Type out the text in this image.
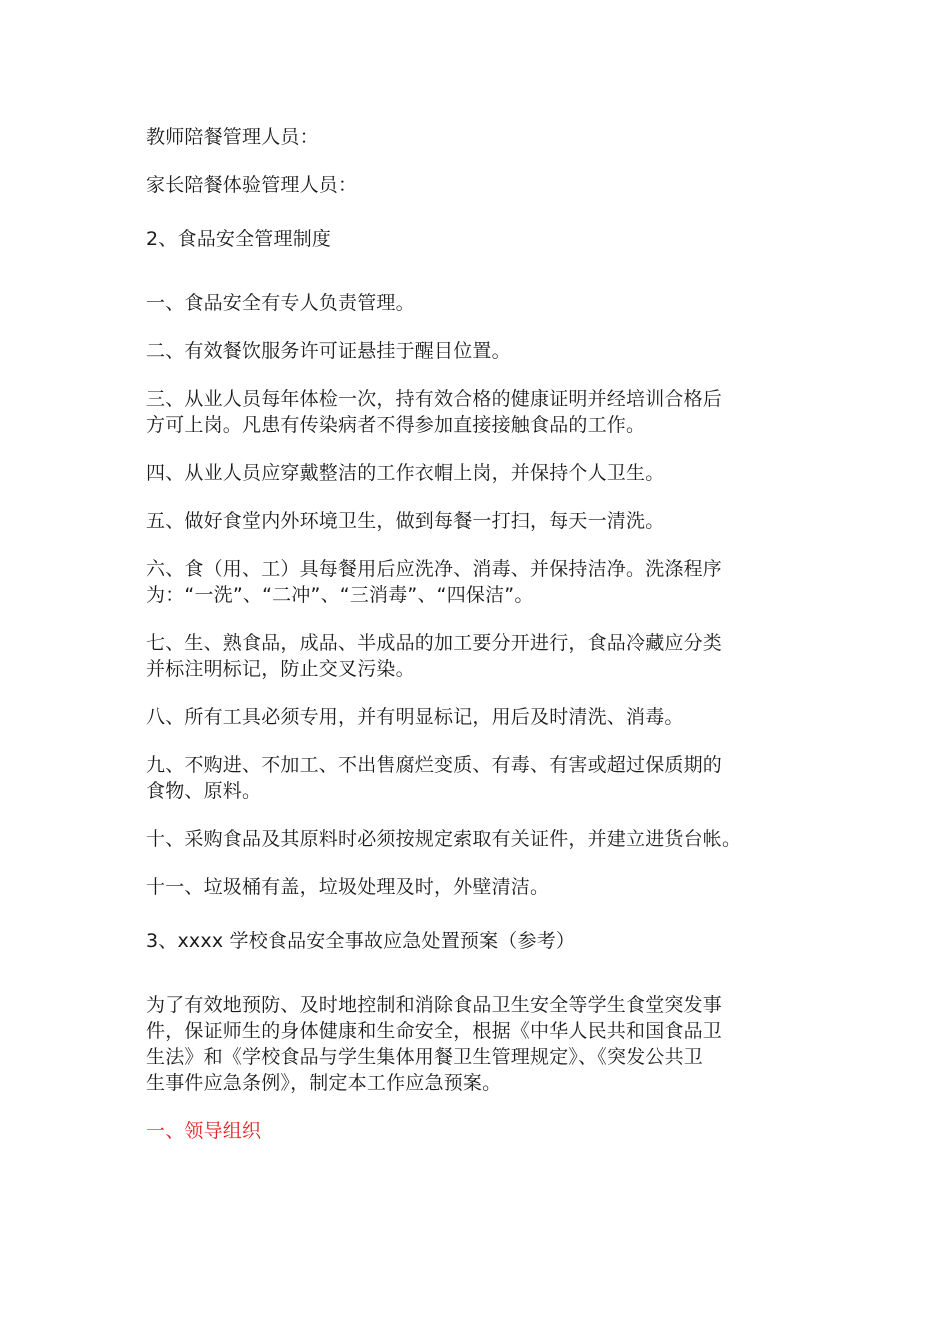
教师陪餐管理人员：

家长陪餐体验管理人员：

2、食品安全管理制度

一、食品安全有专人负责管理。

二、有效餐饮服务许可证悬挂于醒目位置。

三、从业人员每年体检一次，持有效合格的健康证明并经培训合格后

方可上岗。凡患有传染病者不得参加直接接触食品的工作。

四、从业人员应穿戴整洁的工作衣帽上岗，并保持个人卫生。

五、做好食堂内外环境卫生，做到每餐一打扫，每天一清洗。

六、食（用、工）具每餐用后应洗净、消毒、并保持洁净。洗涤程序

为：“一洗”、“二冲”、“三消毒”、“四保洁”。

七、生、熟食品，成品、半成品的加工要分开进行，食品冷藏应分类

并标注明标记，防止交叉污染。

八、所有工具必须专用，并有明显标记，用后及时清洗、消毒。

九、不购进、不加工、不出售腐烂变质、有毒、有害或超过保质期的

食物、原料。

十、采购食品及其原料时必须按规定索取有关证件，并建立进货台帐。

十一、垃圾桶有盖，垃圾处理及时，外壁清洁。

3、xxxx 学校食品安全事故应急处置预案（参考）

为了有效地预防、及时地控制和消除食品卫生安全等学生食堂突发事

件，保证师生的身体健康和生命安全，根据《中华人民共和国食品卫

生法》和《学校食品与学生集体用餐卫生管理规定》、《突发公共卫

生事件应急条例》，制定本工作应急预案。

一、领导组织
